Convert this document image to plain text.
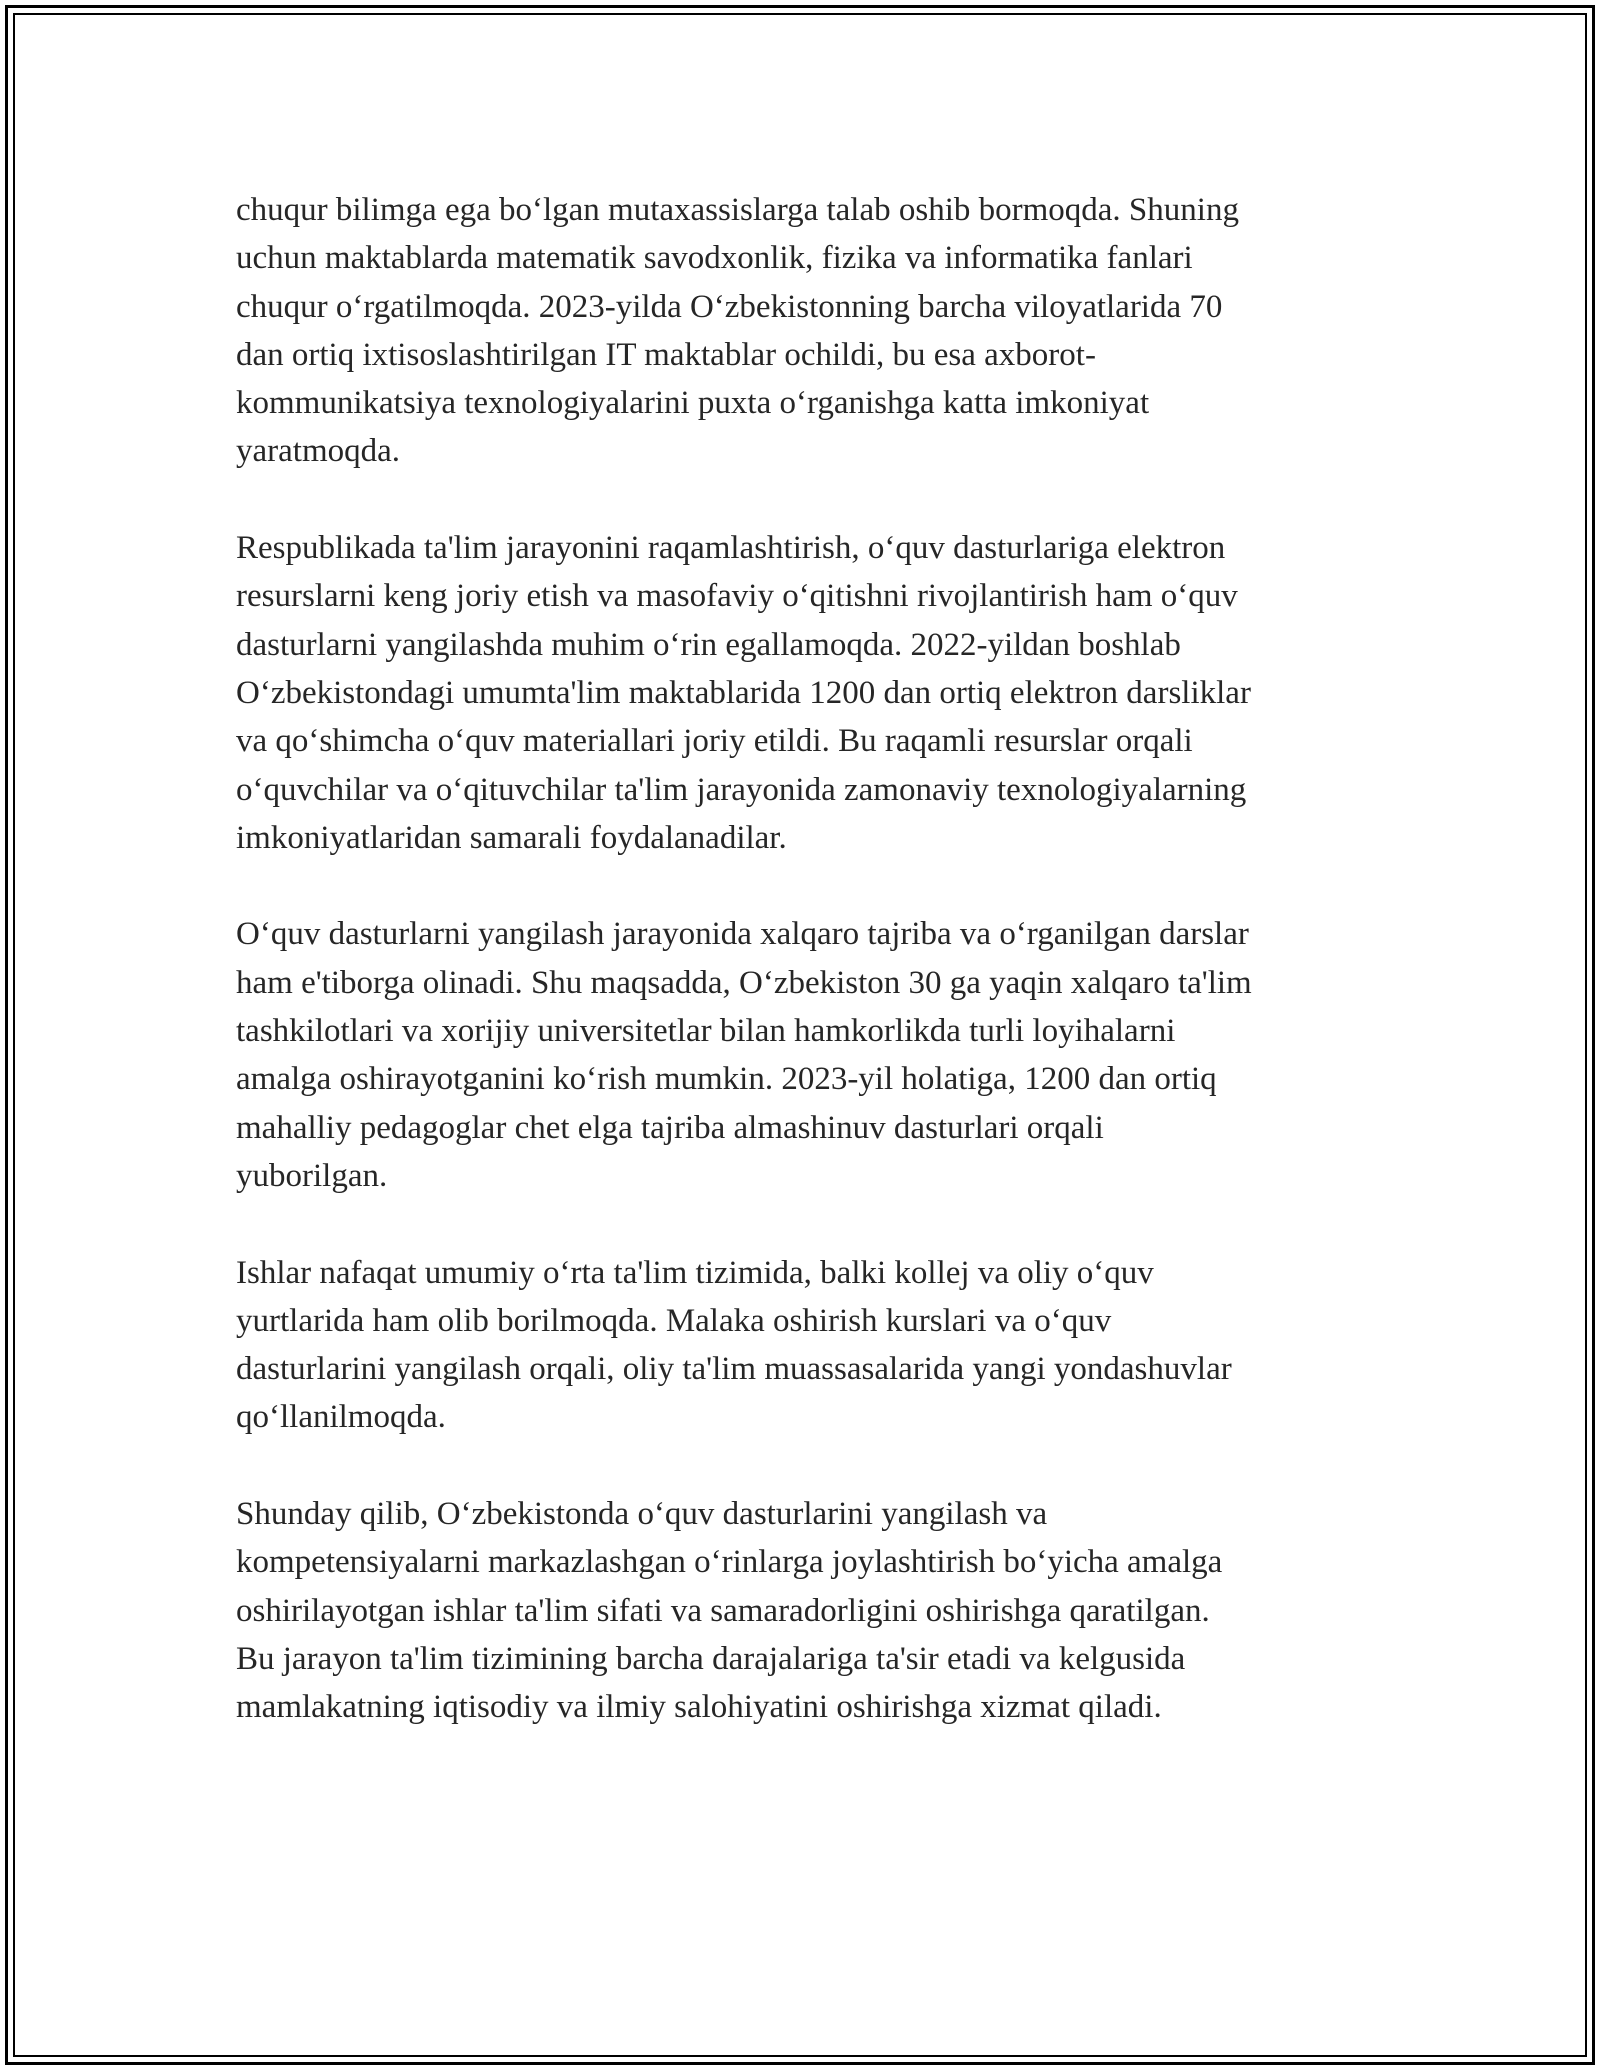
chuqur bilimga ega bo‘lgan mutaxassislarga talab oshib bormoqda. Shuning
uchun maktablarda matematik savodxonlik, fizika va informatika fanlari
chuqur o‘rgatilmoqda. 2023-yilda O‘zbekistonning barcha viloyatlarida 70
dan ortiq ixtisoslashtirilgan IT maktablar ochildi, bu esa axborot-
kommunikatsiya texnologiyalarini puxta o‘rganishga katta imkoniyat
yaratmoqda.

Respublikada ta'lim jarayonini raqamlashtirish, o‘quv dasturlariga elektron
resurslarni keng joriy etish va masofaviy o‘qitishni rivojlantirish ham o‘quv
dasturlarni yangilashda muhim o‘rin egallamoqda. 2022-yildan boshlab
O‘zbekistondagi umumta'lim maktablarida 1200 dan ortiq elektron darsliklar
va qo‘shimcha o‘quv materiallari joriy etildi. Bu raqamli resurslar orqali
o‘quvchilar va o‘qituvchilar ta'lim jarayonida zamonaviy texnologiyalarning
imkoniyatlaridan samarali foydalanadilar.

O‘quv dasturlarni yangilash jarayonida xalqaro tajriba va o‘rganilgan darslar
ham e'tiborga olinadi. Shu maqsadda, O‘zbekiston 30 ga yaqin xalqaro ta'lim
tashkilotlari va xorijiy universitetlar bilan hamkorlikda turli loyihalarni
amalga oshirayotganini ko‘rish mumkin. 2023-yil holatiga, 1200 dan ortiq
mahalliy pedagoglar chet elga tajriba almashinuv dasturlari orqali
yuborilgan.

Ishlar nafaqat umumiy o‘rta ta'lim tizimida, balki kollej va oliy o‘quv
yurtlarida ham olib borilmoqda. Malaka oshirish kurslari va o‘quv
dasturlarini yangilash orqali, oliy ta'lim muassasalarida yangi yondashuvlar
qo‘llanilmoqda.

Shunday qilib, O‘zbekistonda o‘quv dasturlarini yangilash va
kompetensiyalarni markazlashgan o‘rinlarga joylashtirish bo‘yicha amalga
oshirilayotgan ishlar ta'lim sifati va samaradorligini oshirishga qaratilgan.
Bu jarayon ta'lim tizimining barcha darajalariga ta'sir etadi va kelgusida
mamlakatning iqtisodiy va ilmiy salohiyatini oshirishga xizmat qiladi.
